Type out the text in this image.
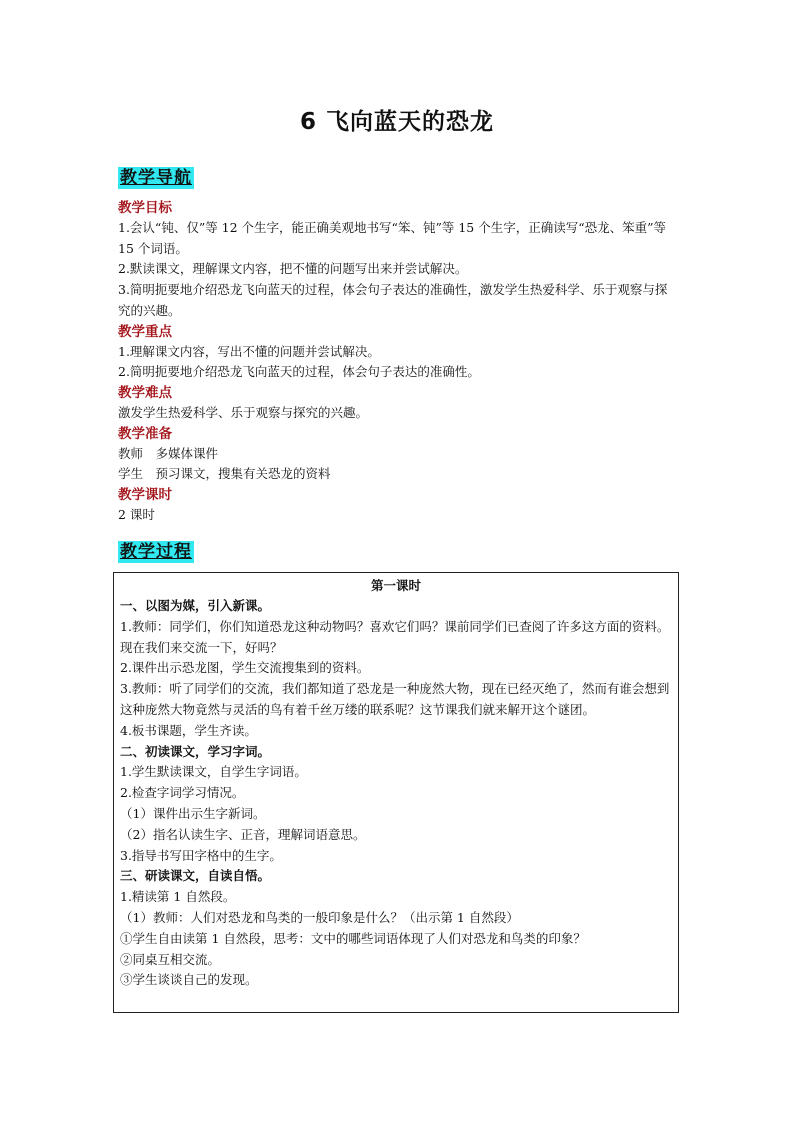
6 飞向蓝天的恐龙
教学导航
教学目标

1.会认“钝、仅”等 12 个生字，能正确美观地书写“笨、钝”等 15 个生字，正确读写“恐龙、笨重”等 15 个词语。

2.默读课文，理解课文内容，把不懂的问题写出来并尝试解决。

3.简明扼要地介绍恐龙飞向蓝天的过程，体会句子表达的准确性，激发学生热爱科学、乐于观察与探究的兴趣。

教学重点

1.理解课文内容，写出不懂的问题并尝试解决。

2.简明扼要地介绍恐龙飞向蓝天的过程，体会句子表达的准确性。

教学难点

激发学生热爱科学、乐于观察与探究的兴趣。

教学准备

教师　多媒体课件

学生　预习课文，搜集有关恐龙的资料

教学课时

2 课时

教学过程
第一课时
一、以图为媒，引入新课。

1.教师：同学们，你们知道恐龙这种动物吗？喜欢它们吗？课前同学们已查阅了许多这方面的资料。现在我们来交流一下，好吗？

2.课件出示恐龙图，学生交流搜集到的资料。

3.教师：听了同学们的交流，我们都知道了恐龙是一种庞然大物，现在已经灭绝了，然而有谁会想到这种庞然大物竟然与灵活的鸟有着千丝万缕的联系呢？这节课我们就来解开这个谜团。

4.板书课题，学生齐读。

二、初读课文，学习字词。

1.学生默读课文，自学生字词语。

2.检查字词学习情况。

（1）课件出示生字新词。

（2）指名认读生字、正音，理解词语意思。

3.指导书写田字格中的生字。

三、研读课文，自读自悟。

1.精读第 1 自然段。

（1）教师：人们对恐龙和鸟类的一般印象是什么？（出示第 1 自然段）

①学生自由读第 1 自然段，思考：文中的哪些词语体现了人们对恐龙和鸟类的印象？

②同桌互相交流。

③学生谈谈自己的发现。
